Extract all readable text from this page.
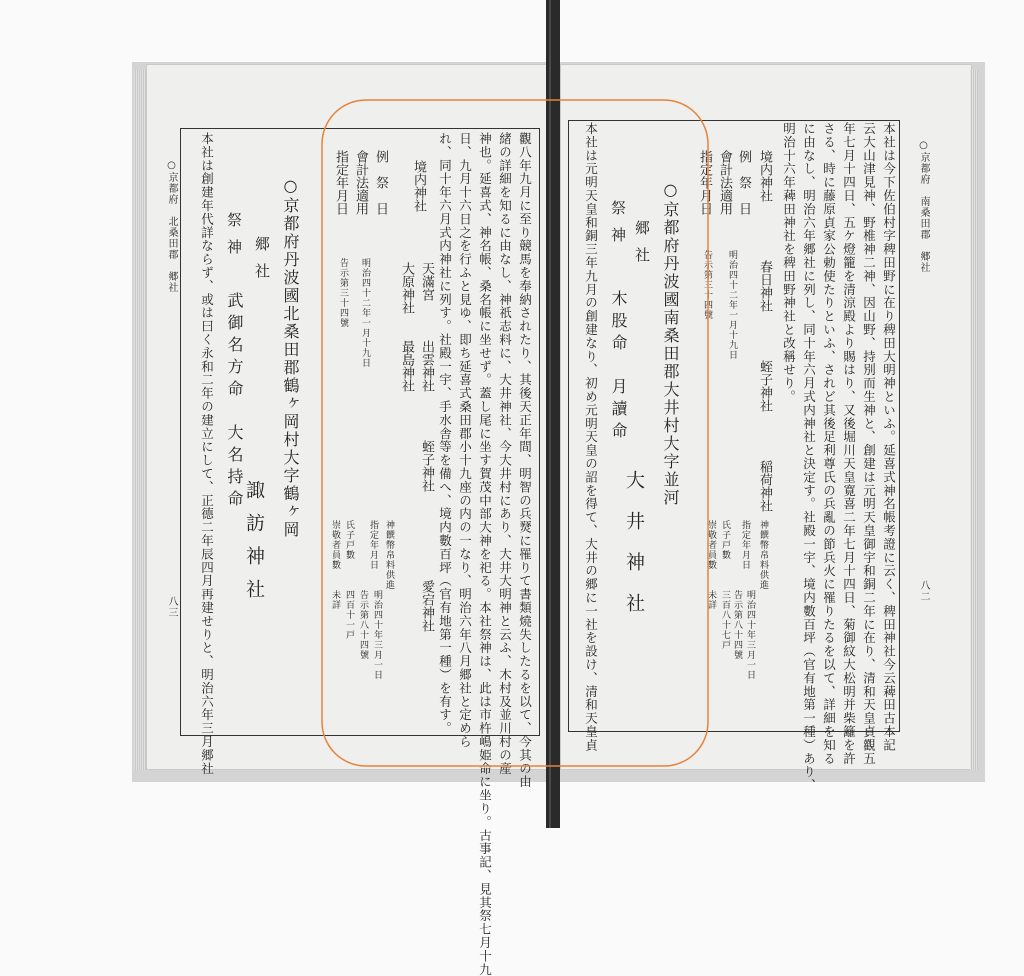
○京都府　南桑田郡　郷社
八二
本社は今下佐伯村字稗田野に在り稗田大明神といふ。延喜式神名帳考證に云く、稗田神社今云薭田古本記
云大山津見神、野椎神二神、因山野、持別而生神と、創建は元明天皇御宇和銅二年に在り、清和天皇貞觀五
年七月十四日、五ケ燈籠を清涼殿より賜はり、又後堀川天皇寛喜二年七月十四日、菊御紋大松明并柴籬を許
さる、時に藤原貞家公勅使たりといふ、されど其後足利尊氏の兵亂の節兵火に罹りたるを以て、詳細を知る
に由なし、明治六年郷社に列し、同十年六月式内神社と決定す。社殿一宇、境内數百坪（官有地第一種）あり、
明治十六年薭田神社を稗田野神社と改稱せり。
境内神社
春日神社
蛭子神社
稲荷神社
例　祭　日
會計法適用
明治四十二年一月十九日
指定年月日
告示第三十四號
神饌幣帛料供進
指定年月日
明治四十年三月一日
告示第八十四號
氏子戸數
三百八十七戸
崇敬者員數
未詳
○京都府丹波國南桑田郡大井村大字並河
郷社
大井神社
祭神
木股命　月讀命
本社は元明天皇和銅三年九月の創建なり、初め元明天皇の詔を得て、大井の郷に一社を設け、清和天皇貞
○京都府　北桑田郡　郷社
八三	觀八年九月に至り競馬を奉納されたり、其後天正年間、明智の兵燹に罹りて書類燒失したるを以て、今其の由
緒の詳細を知るに由なし、神祇志料に、大井神社、今大井村にあり、大井大明神と云ふ、木村及並川村の產
神也。延喜式、神名帳、桑名帳に坐せず。蓋し尾に坐す賀茂中部大神を祀る。本社祭神は、此は市杵嶋姫命に坐り。古事記、見其祭七月十九
日、九月十六日之を行ふと見ゆ、即ち延喜式桑田郡小十九座の内の一なり、明治六年八月郷社と定めら
れ、同十年六月式内神社に列す。社殿一宇、手水舎等を備へ、境内數百坪（官有地第一種）を有す。
境内神社
天滿宮
出雲神社
蛭子神社
愛宕神社
大原神社
最島神社
例　祭　日
會計法適用
明治四十二年一月十九日
指定年月日
告示第三十四號
神饌幣帛料供進
指定年月日
明治四十年三月一日
告示第八十四號
氏子戸數
四百十一戸
崇敬者員數
未詳
○京都府丹波國北桑田郡鶴ヶ岡村大字鶴ヶ岡
郷社
諏訪神社
祭神
武御名方命　大名持命
本社は創建年代詳ならず、或は曰く永和二年の建立にして、正德二年辰四月再建せりと、明治六年三月郷社
